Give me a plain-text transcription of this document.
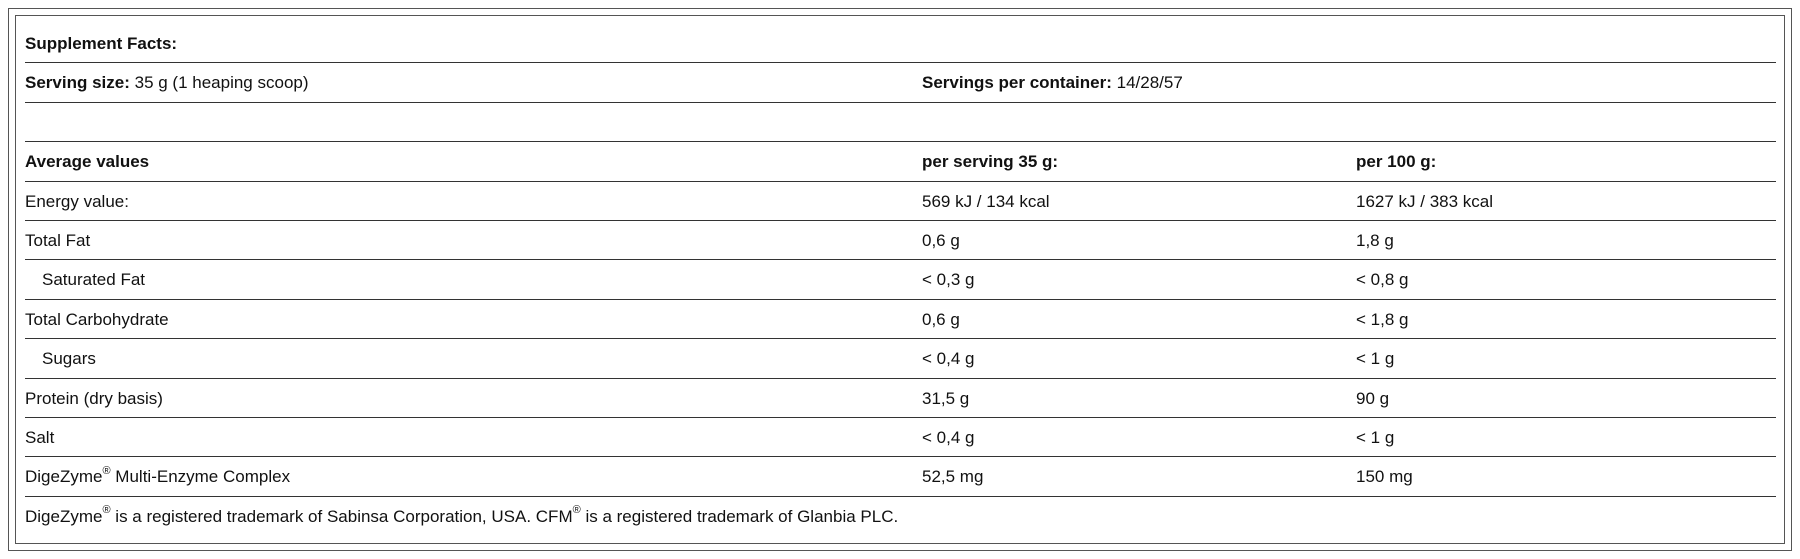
Supplement Facts:
Serving size: 35 g (1 heaping scoop)	Servings per container: 14/28/57
Average values	per serving 35 g:	per 100 g:
Energy value:	569 kJ / 134 kcal	1627 kJ / 383 kcal
Total Fat	0,6 g	1,8 g
Saturated Fat	< 0,3 g	< 0,8 g
Total Carbohydrate	0,6 g	< 1,8 g
Sugars	< 0,4 g	< 1 g
Protein (dry basis)	31,5 g	90 g
Salt	< 0,4 g	< 1 g
DigeZyme® Multi-Enzyme Complex	52,5 mg	150 mg
DigeZyme® is a registered trademark of Sabinsa Corporation, USA. CFM® is a registered trademark of Glanbia PLC.
